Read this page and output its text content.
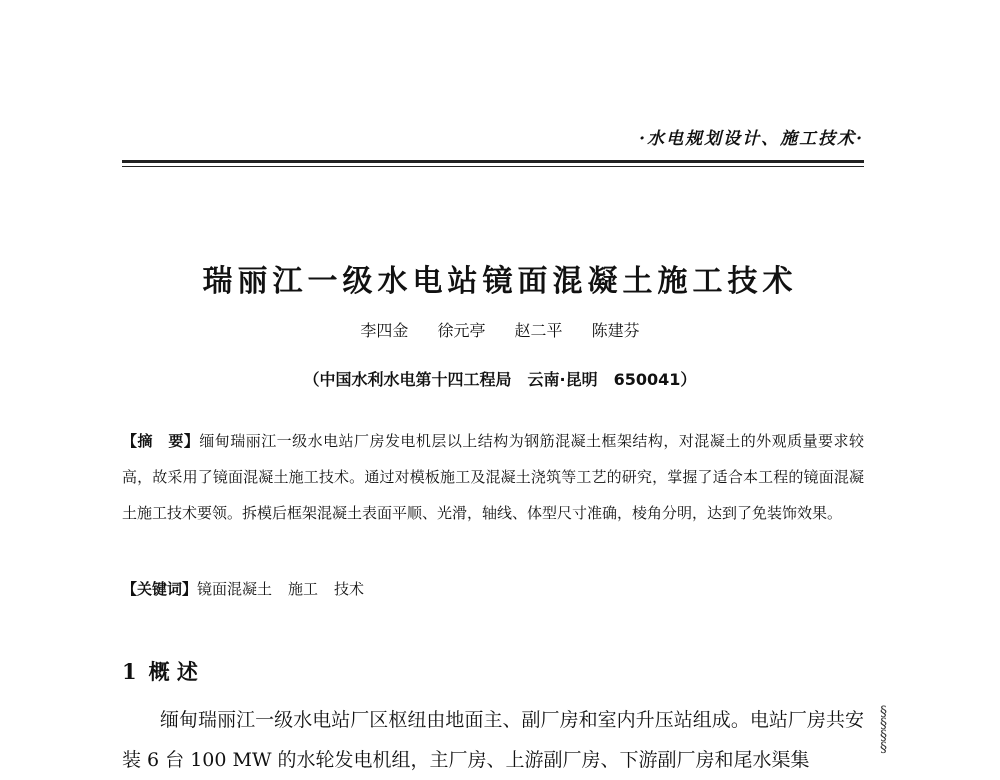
·水电规划设计、施工技术·
瑞丽江一级水电站镜面混凝土施工技术
李四金 徐元亭 赵二平 陈建芬
（中国水利水电第十四工程局　云南·昆明　650041）
【摘　要】缅甸瑞丽江一级水电站厂房发电机层以上结构为钢筋混凝土框架结构，对混凝土的外观质量要求较高，故采用了镜面混凝土施工技术。通过对模板施工及混凝土浇筑等工艺的研究，掌握了适合本工程的镜面混凝土施工技术要领。拆模后框架混凝土表面平顺、光滑，轴线、体型尺寸准确，棱角分明，达到了免装饰效果。
【关键词】镜面混凝土 施工 技术
1 概 述
缅甸瑞丽江一级水电站厂区枢纽由地面主、副厂房和室内升压站组成。电站厂房共安装 6 台 100 MW 的水轮发电机组，主厂房、上游副厂房、下游副厂房和尾水渠集
§
§
§
§
